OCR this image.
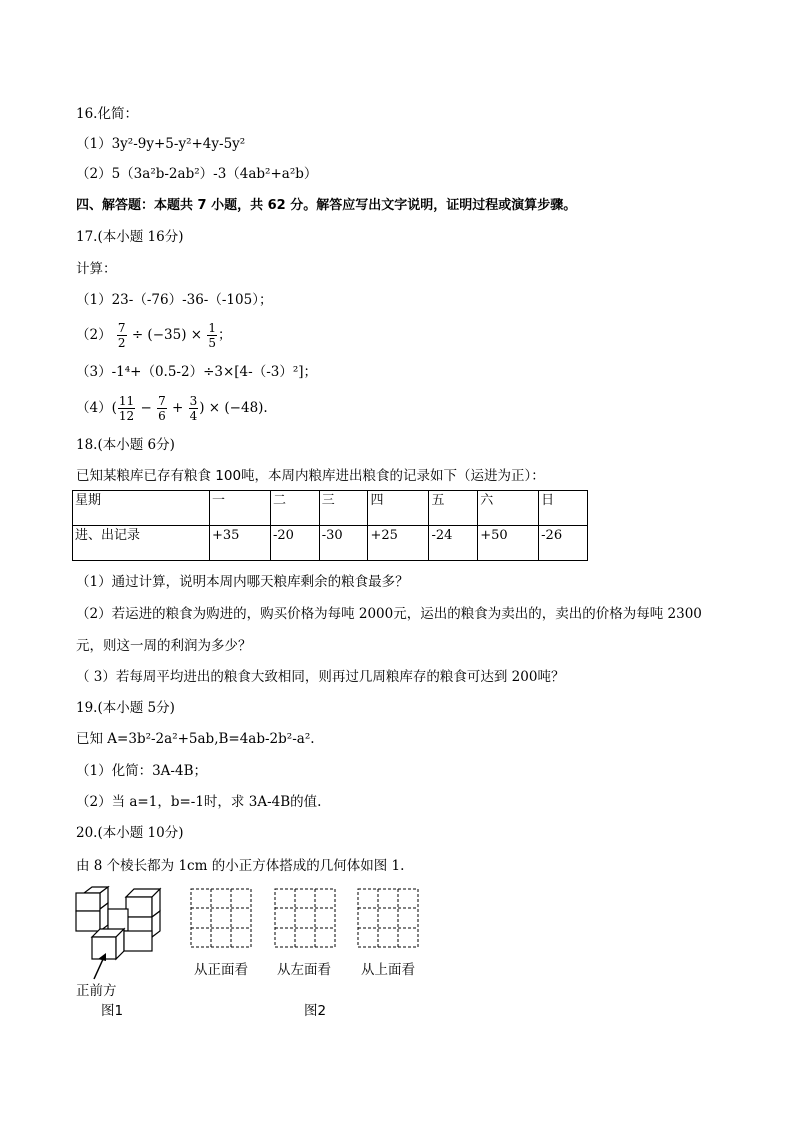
16.化简：
（1）3y²-9y+5-y²+4y-5y²
（2）5（3a²b-2ab²）-3（4ab²+a²b）
四、解答题：本题共 7 小题，共 62 分。解答应写出文字说明，证明过程或演算步骤。
17.(本小题 16分)
计算：
（1）23-（-76）-36-（-105）；
$(2) \frac{7}{2} \div (-35) \times \frac{1}{5}$ ；
（3）-1⁴+（0.5-2）÷3×[4-（-3）²]；
$(4)( \frac{11}{12} - \frac{7}{6} + \frac{3}{4}$ ) × (−48).
18.(本小题 6分)
已知某粮库已存有粮食 100吨，本周内粮库进出粮食的记录如下（运进为正）：
星期	一	二	三	四	五	六	日
进、出记录	+35	-20	-30	+25	-24	+50	-26
（1）通过计算，说明本周内哪天粮库剩余的粮食最多？
（2）若运进的粮食为购进的，购买价格为每吨 2000元，运出的粮食为卖出的，卖出的价格为每吨 2300
元，则这一周的利润为多少？
（ 3）若每周平均进出的粮食大致相同，则再过几周粮库存的粮食可达到 200吨？
19.(本小题 5分)
已知 A=3b²-2a²+5ab,B=4ab-2b²-a².
（1）化简：3A-4B；
（2）当 a=1，b=-1时，求 3A-4B的值.
20.(本小题 10分)
由 8 个棱长都为 1cm 的小正方体搭成的几何体如图 1.
正前方
图1
从正面看 从左面看 从上面看
图2
